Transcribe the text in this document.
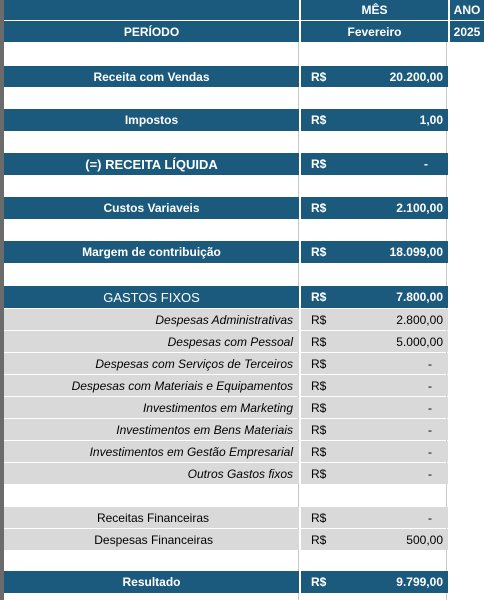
MÊS	ANO
PERÍODO	Fevereiro	2025
Receita com Vendas	R$	20.200,00
Impostos	R$	1,00
(=) RECEITA LÍQUIDA	R$	-
Custos Variaveis	R$	2.100,00
Margem de contribuição	R$	18.099,00
GASTOS FIXOS	R$	7.800,00
Despesas Administrativas R$	2.800,00
Despesas com Pessoal R$	5.000,00
Despesas com Serviços de Terceiros R$	-
Despesas com Materiais e Equipamentos R$	-
Investimentos em Marketing R$	-
Investimentos em Bens Materiais R$	-
Investimentos em Gestão Empresarial R$	-
Outros Gastos fixos R$	-
Receitas Financeiras	R$	-
Despesas Financeiras	R$	500,00
Resultado	R$	9.799,00
